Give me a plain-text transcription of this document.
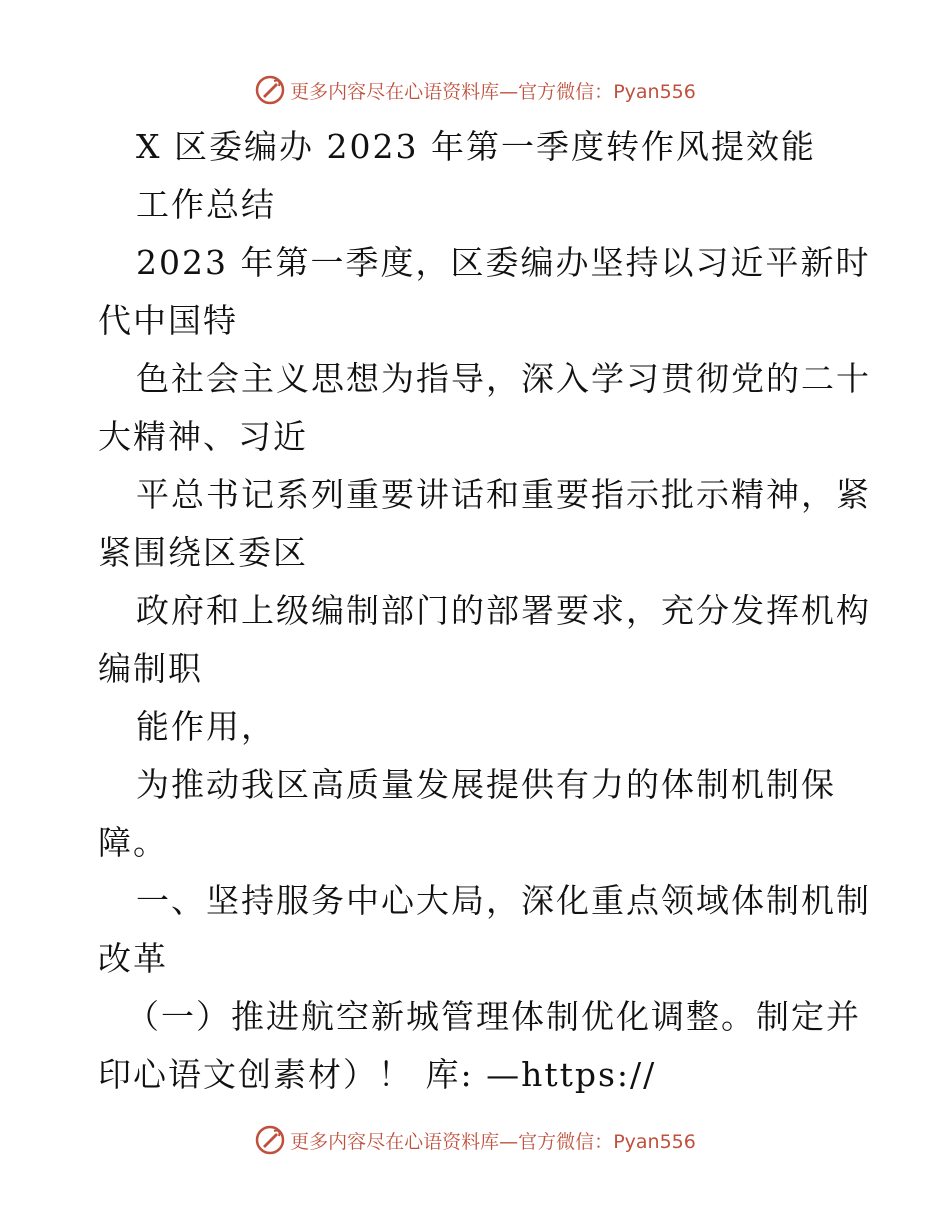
更多内容尽在心语资料库—官方微信：Pyan556
X 区委编办 2023 年第一季度转作风提效能
工作总结
2023 年第一季度，区委编办坚持以习近平新时
代中国特
色社会主义思想为指导，深入学习贯彻党的二十
大精神、习近
平总书记系列重要讲话和重要指示批示精神，紧
紧围绕区委区
政府和上级编制部门的部署要求，充分发挥机构
编制职
能作用，
为推动我区高质量发展提供有力的体制机制保
障。
一、坚持服务中心大局，深化重点领域体制机制
改革
（一）推进航空新城管理体制优化调整。制定并
印心语文创素材）！ 库: —https://
更多内容尽在心语资料库—官方微信：Pyan556
